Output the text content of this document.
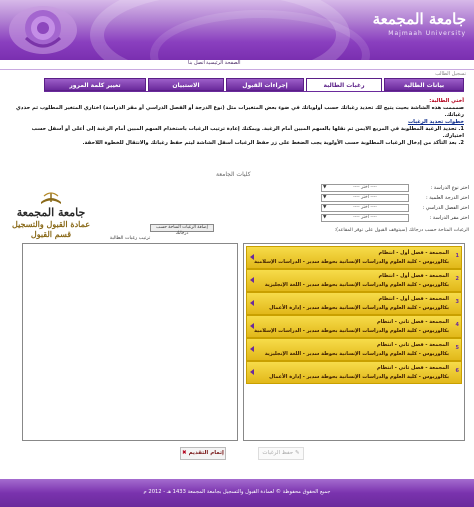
جامعة المجمعة
Majmaah University
الصفحة الرئيسية
اتصل بنا
تسجيل الطالب
بيانات الطالبة
رغبات الطالبة
إجراءات القبول
الاستبيان
تغيير كلمة المرور
أختي الطالبة:
صمممت هذه الشاشة بحيث يتيح لك تحديد رغباتك حسب أولوياتك في ضوء بعض المتغيرات مثل (نوع الدرجة أو الفصل الدراسي أو مقر الدراسة) اختاري المتغير المطلوب ثم حددي رغباتك.
خطوات تحديد الرغبات
1. تحديد الرغبة المطلوبة في المربع الايمن ثم نقلها بالسهم المبين أمام الرغبة. ويمكنك إعادة ترتيب الرغبات باستخدام السهم المبين أمام الرغبة إلى أعلى أو أسفل حسب اختيارك.
2. بعد التأكد من إدخال الرغبات المطلوبة حسب الأولوية يجب الضغط على زر حفظ الرغبات أسفل الشاشة ليتم حفظ رغباتك والانتقال للخطوة اللاحقة.
كليات الجامعة
جامعة المجمعة
عمادة القبول والتسجيل
قسم القبول
اختر نوع الدراسة :
▼	---- اختر ----
اختر الدرجة العلمية :
▼	---- اختر ----
اختر الفصل الدراسي :
▼	---- اختر ----
اختر مقر الدراسة :
▼	---- اختر ----
إضافة الرغبات المتاحة حسب درجاتك
الرغبات المتاحة حسب درجاتك (سيتوقف القبول على توفر المقاعد):
ترتيب رغبات الطالبة
1
المجمعة - فصل أول - انتظام
بكالوريوس - كلية العلوم والدراسات الإنسانية بحوطة سدير - الدراسات الإسلامية
2
المجمعة - فصل أول - انتظام
بكالوريوس - كلية العلوم والدراسات الإنسانية بحوطة سدير - اللغة الإنجليزية
3
المجمعة - فصل أول - انتظام
بكالوريوس - كلية العلوم والدراسات الإنسانية بحوطة سدير - إدارة الأعمال
4
المجمعة - فصل ثاني - انتظام
بكالوريوس - كلية العلوم والدراسات الإنسانية بحوطة سدير - الدراسات الإسلامية
5
المجمعة - فصل ثاني - انتظام
بكالوريوس - كلية العلوم والدراسات الإنسانية بحوطة سدير - اللغة الإنجليزية
6
المجمعة - فصل ثاني - انتظام
بكالوريوس - كلية العلوم والدراسات الإنسانية بحوطة سدير - إدارة الأعمال
✖ إتمام التقديم	حفظ الرغبات ✎
جميع الحقوق محفوظة © لعمادة القبول والتسجيل بجامعة المجمعة 1433 هـ - 2012 م
